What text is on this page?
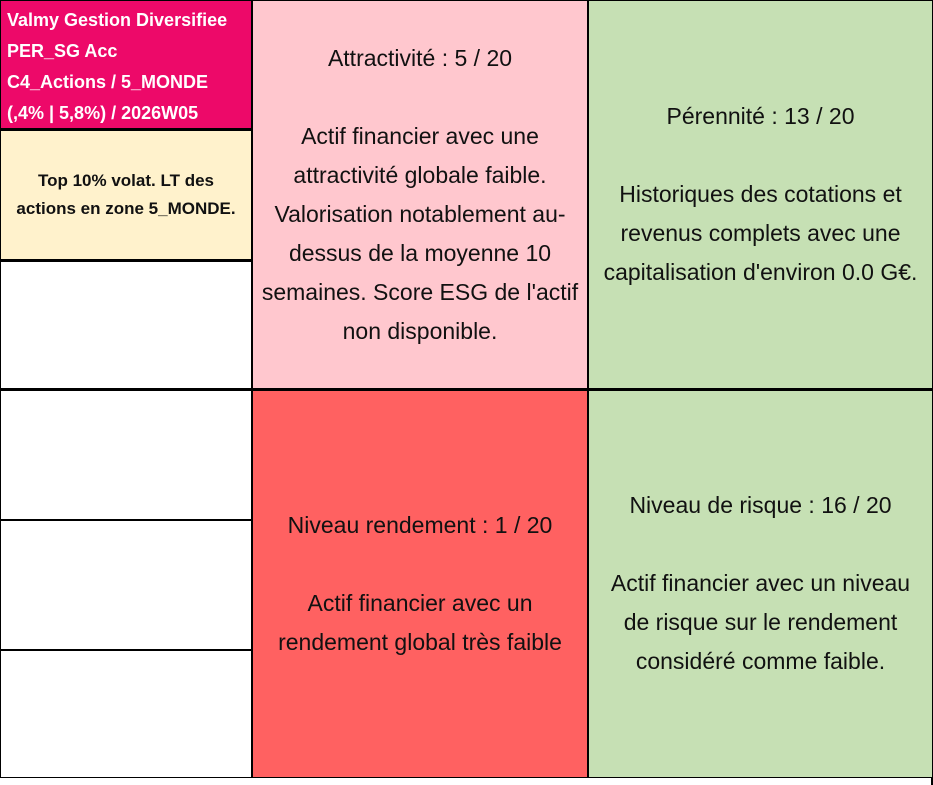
Valmy Gestion Diversifiee
PER_SG Acc
C4_Actions / 5_MONDE
(,4% | 5,8%) / 2026W05
Top 10% volat. LT des actions en zone 5_MONDE.
Attractivité : 5 / 20
Actif financier avec une attractivité globale faible. Valorisation notablement au-dessus de la moyenne 10 semaines. Score ESG de l'actif non disponible.
Pérennité : 13 / 20
Historiques des cotations et revenus complets avec une capitalisation d'environ 0.0 G€.
Niveau rendement : 1 / 20
Actif financier avec un rendement global très faible
Niveau de risque : 16 / 20
Actif financier avec un niveau de risque sur le rendement considéré comme faible.
